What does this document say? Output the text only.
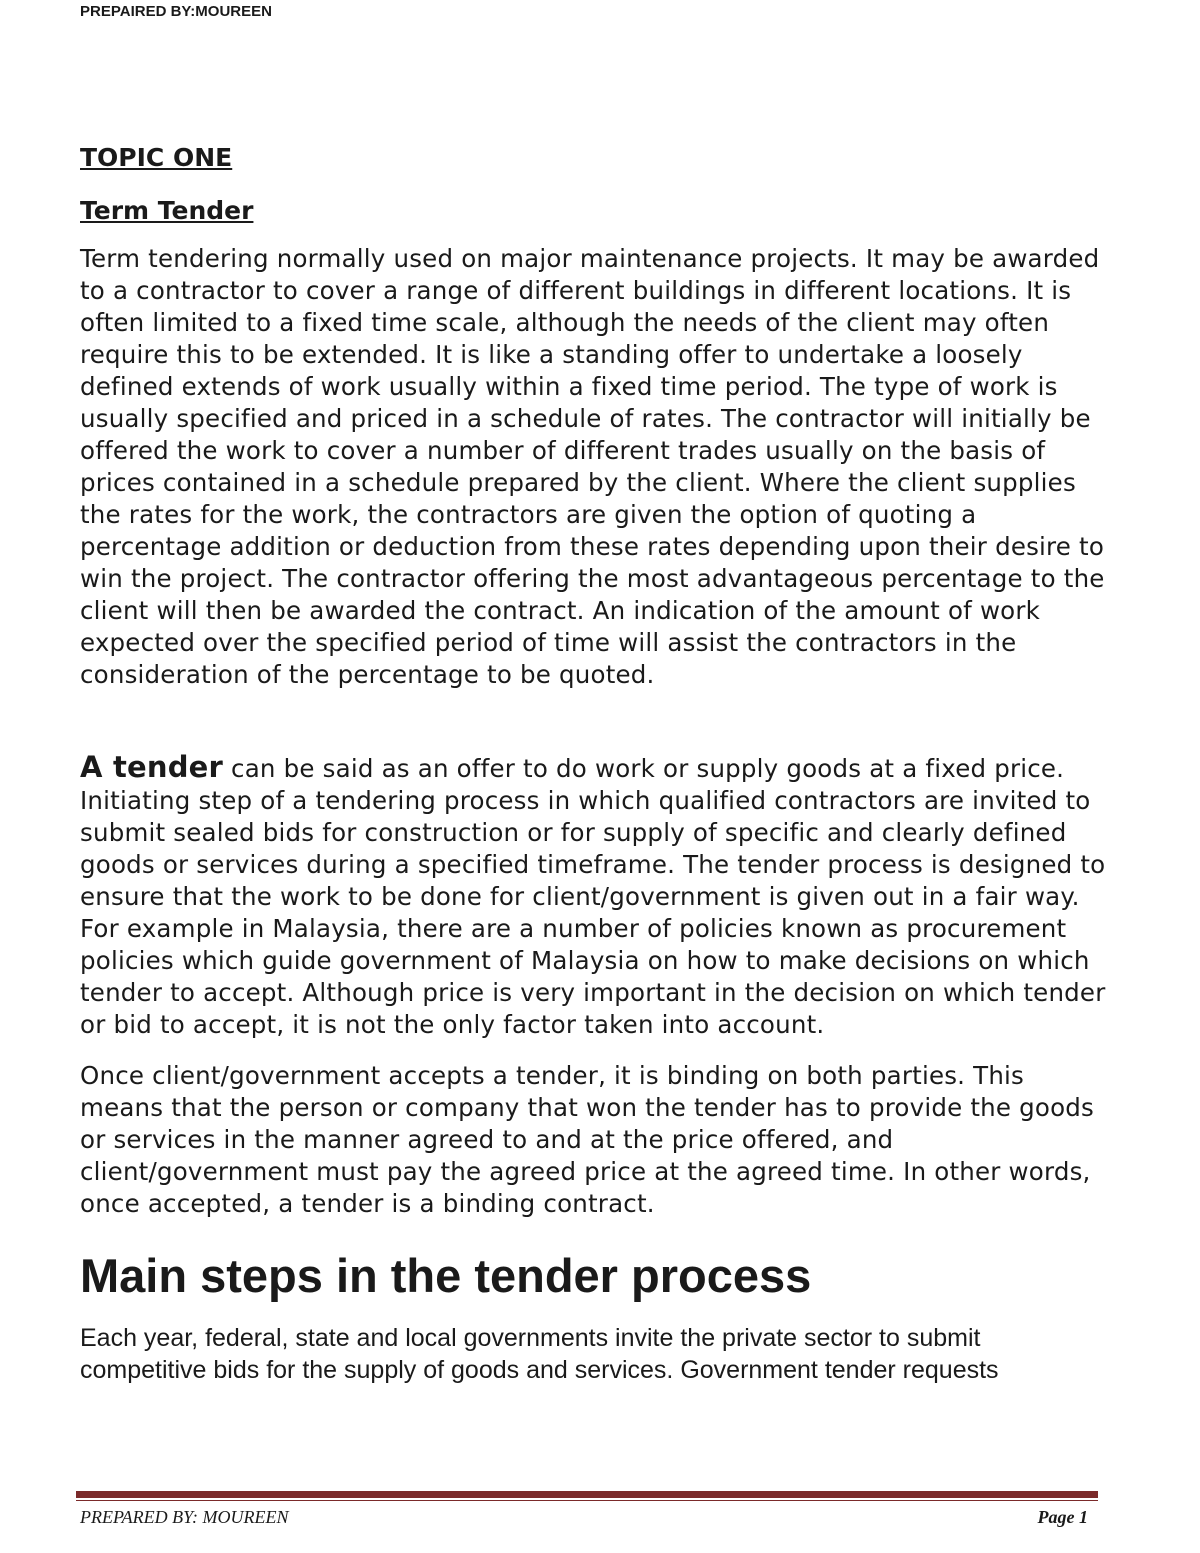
PREPAIRED BY:MOUREEN
TOPIC ONE
Term Tender

Term tendering normally used on major maintenance projects. It may be awarded to a contractor to cover a range of different buildings in different locations. It is often limited to a fixed time scale, although the needs of the client may often require this to be extended. It is like a standing offer to undertake a loosely defined extends of work usually within a fixed time period. The type of work is usually specified and priced in a schedule of rates. The contractor will initially be offered the work to cover a number of different trades usually on the basis of prices contained in a schedule prepared by the client. Where the client supplies the rates for the work, the contractors are given the option of quoting a percentage addition or deduction from these rates depending upon their desire to win the project. The contractor offering the most advantageous percentage to the client will then be awarded the contract. An indication of the amount of work expected over the specified period of time will assist the contractors in the consideration of the percentage to be quoted.

A tender can be said as an offer to do work or supply goods at a fixed price. Initiating step of a tendering process in which qualified contractors are invited to submit sealed bids for construction or for supply of specific and clearly defined goods or services during a specified timeframe. The tender process is designed to ensure that the work to be done for client/government is given out in a fair way. For example in Malaysia, there are a number of policies known as procurement policies which guide government of Malaysia on how to make decisions on which tender to accept. Although price is very important in the decision on which tender or bid to accept, it is not the only factor taken into account.

Once client/government accepts a tender, it is binding on both parties. This means that the person or company that won the tender has to provide the goods or services in the manner agreed to and at the price offered, and client/government must pay the agreed price at the agreed time. In other words, once accepted, a tender is a binding contract.

Main steps in the tender process

Each year, federal, state and local governments invite the private sector to submit competitive bids for the supply of goods and services. Government tender requests

PREPARED BY: MOUREEN	Page 1
